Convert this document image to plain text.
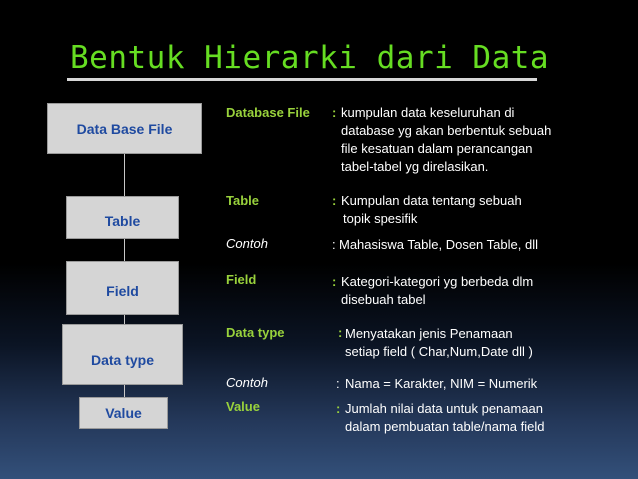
Bentuk Hierarki dari Data
Data Base File
Table
Field
Data type
Value
Database File : kumpulan data keseluruhan di
database yg akan berbentuk sebuah
file kesatuan dalam perancangan
tabel-tabel yg direlasikan.
Table	: Kumpulan data tentang sebuah
topik spesifik
Contoh	: Mahasiswa Table, Dosen Table, dll
Field	: Kategori-kategori yg berbeda dlm
disebuah tabel
Data type	: Menyatakan jenis Penamaan
setiap field ( Char,Num,Date dll )
Contoh	: Nama = Karakter, NIM = Numerik
Value	: Jumlah nilai data untuk penamaan
dalam pembuatan table/nama field
